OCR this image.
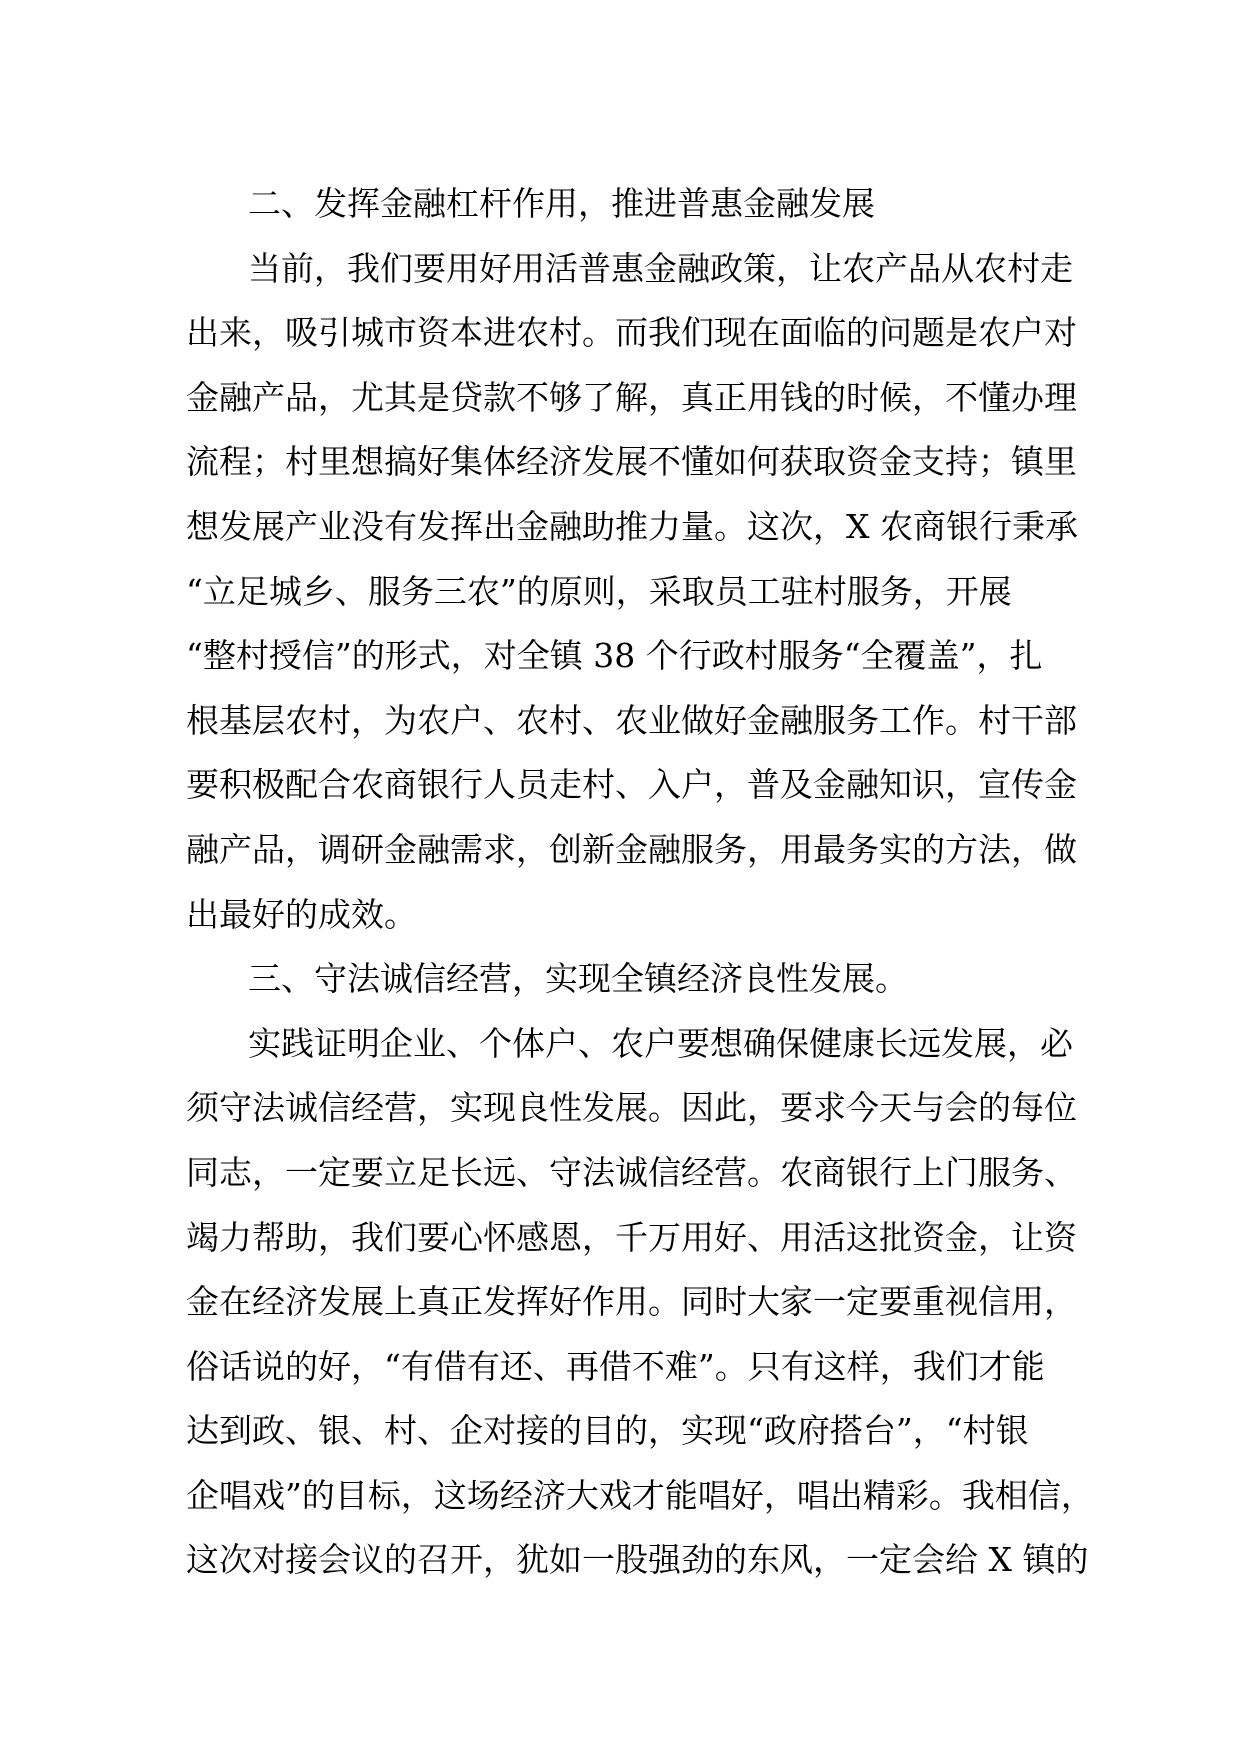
二、发挥金融杠杆作用，推进普惠金融发展
当前，我们要用好用活普惠金融政策，让农产品从农村走
出来，吸引城市资本进农村。而我们现在面临的问题是农户对
金融产品，尤其是贷款不够了解，真正用钱的时候，不懂办理
流程；村里想搞好集体经济发展不懂如何获取资金支持；镇里
想发展产业没有发挥出金融助推力量。这次，X 农商银行秉承
“立足城乡、服务三农”的原则，采取员工驻村服务，开展
“整村授信”的形式，对全镇 38 个行政村服务“全覆盖”，扎
根基层农村，为农户、农村、农业做好金融服务工作。村干部
要积极配合农商银行人员走村、入户，普及金融知识，宣传金
融产品，调研金融需求，创新金融服务，用最务实的方法，做
出最好的成效。
三、守法诚信经营，实现全镇经济良性发展。
实践证明企业、个体户、农户要想确保健康长远发展，必
须守法诚信经营，实现良性发展。因此，要求今天与会的每位
同志，一定要立足长远、守法诚信经营。农商银行上门服务、
竭力帮助，我们要心怀感恩，千万用好、用活这批资金，让资
金在经济发展上真正发挥好作用。同时大家一定要重视信用，
俗话说的好，“有借有还、再借不难”。只有这样，我们才能
达到政、银、村、企对接的目的，实现“政府搭台”，“村银
企唱戏”的目标，这场经济大戏才能唱好，唱出精彩。我相信，
这次对接会议的召开，犹如一股强劲的东风，一定会给 X 镇的
